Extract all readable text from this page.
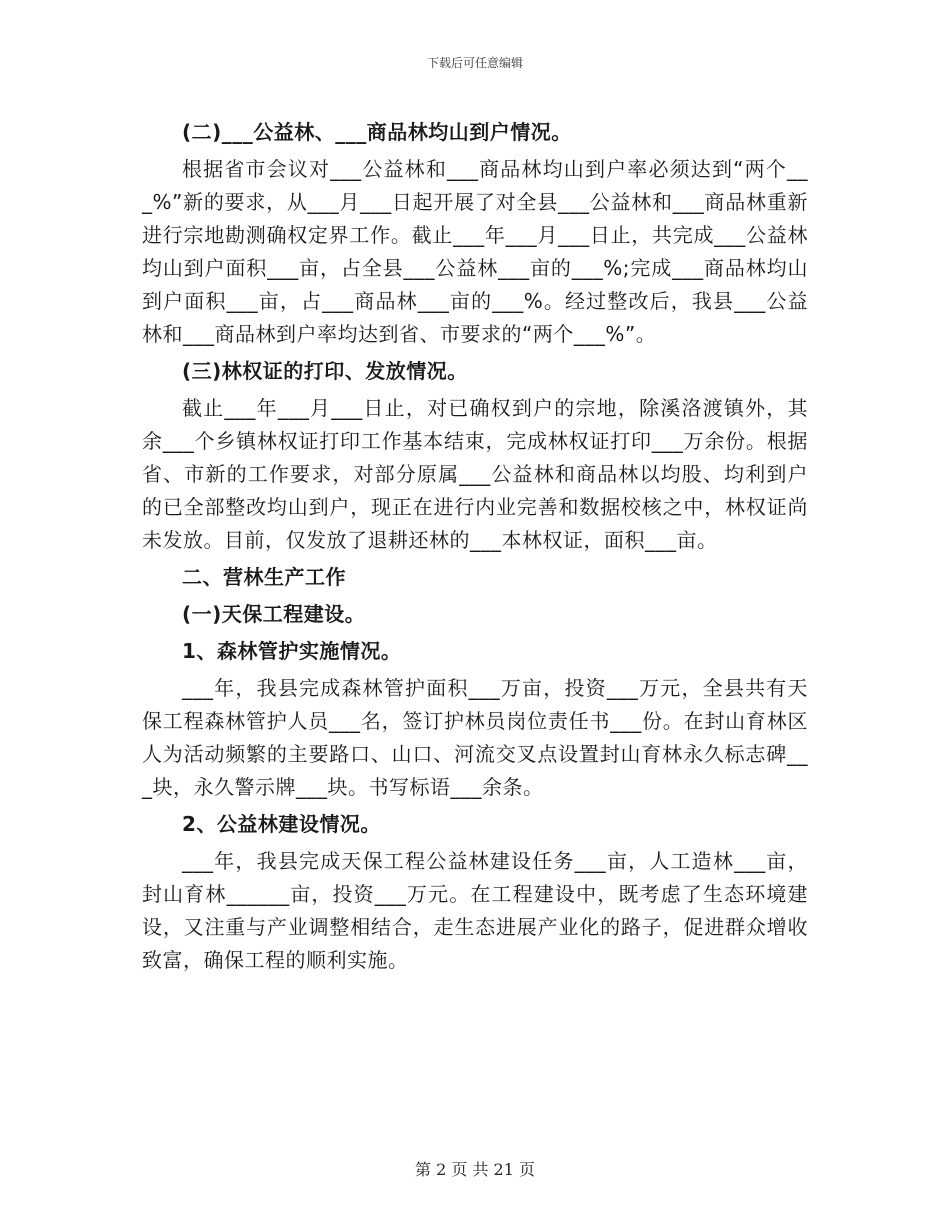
下载后可任意编辑

(二)___公益林、___商品林均山到户情况。

根据省市会议对___公益林和___商品林均山到户率必须达到“两个___%”新的要求，从___月___日起开展了对全县___公益林和___商品林重新进行宗地勘测确权定界工作。截止___年___月___日止，共完成___公益林均山到户面积___亩，占全县___公益林___亩的___%;完成___商品林均山到户面积___亩，占___商品林___亩的___%。经过整改后，我县___公益林和___商品林到户率均达到省、市要求的“两个___%”。

(三)林权证的打印、发放情况。

截止___年___月___日止，对已确权到户的宗地，除溪洛渡镇外，其余___个乡镇林权证打印工作基本结束，完成林权证打印___万余份。根据省、市新的工作要求，对部分原属___公益林和商品林以均股、均利到户的已全部整改均山到户，现正在进行内业完善和数据校核之中，林权证尚未发放。目前，仅发放了退耕还林的___本林权证，面积___亩。

二、营林生产工作

(一)天保工程建设。

1、森林管护实施情况。

___年，我县完成森林管护面积___万亩，投资___万元，全县共有天保工程森林管护人员___名，签订护林员岗位责任书___份。在封山育林区人为活动频繁的主要路口、山口、河流交叉点设置封山育林永久标志碑___块，永久警示牌___块。书写标语___余条。

2、公益林建设情况。

___年，我县完成天保工程公益林建设任务___亩，人工造林___亩，封山育林______亩，投资___万元。在工程建设中，既考虑了生态环境建设，又注重与产业调整相结合，走生态进展产业化的路子，促进群众增收致富，确保工程的顺利实施。

第 2 页 共 21 页
